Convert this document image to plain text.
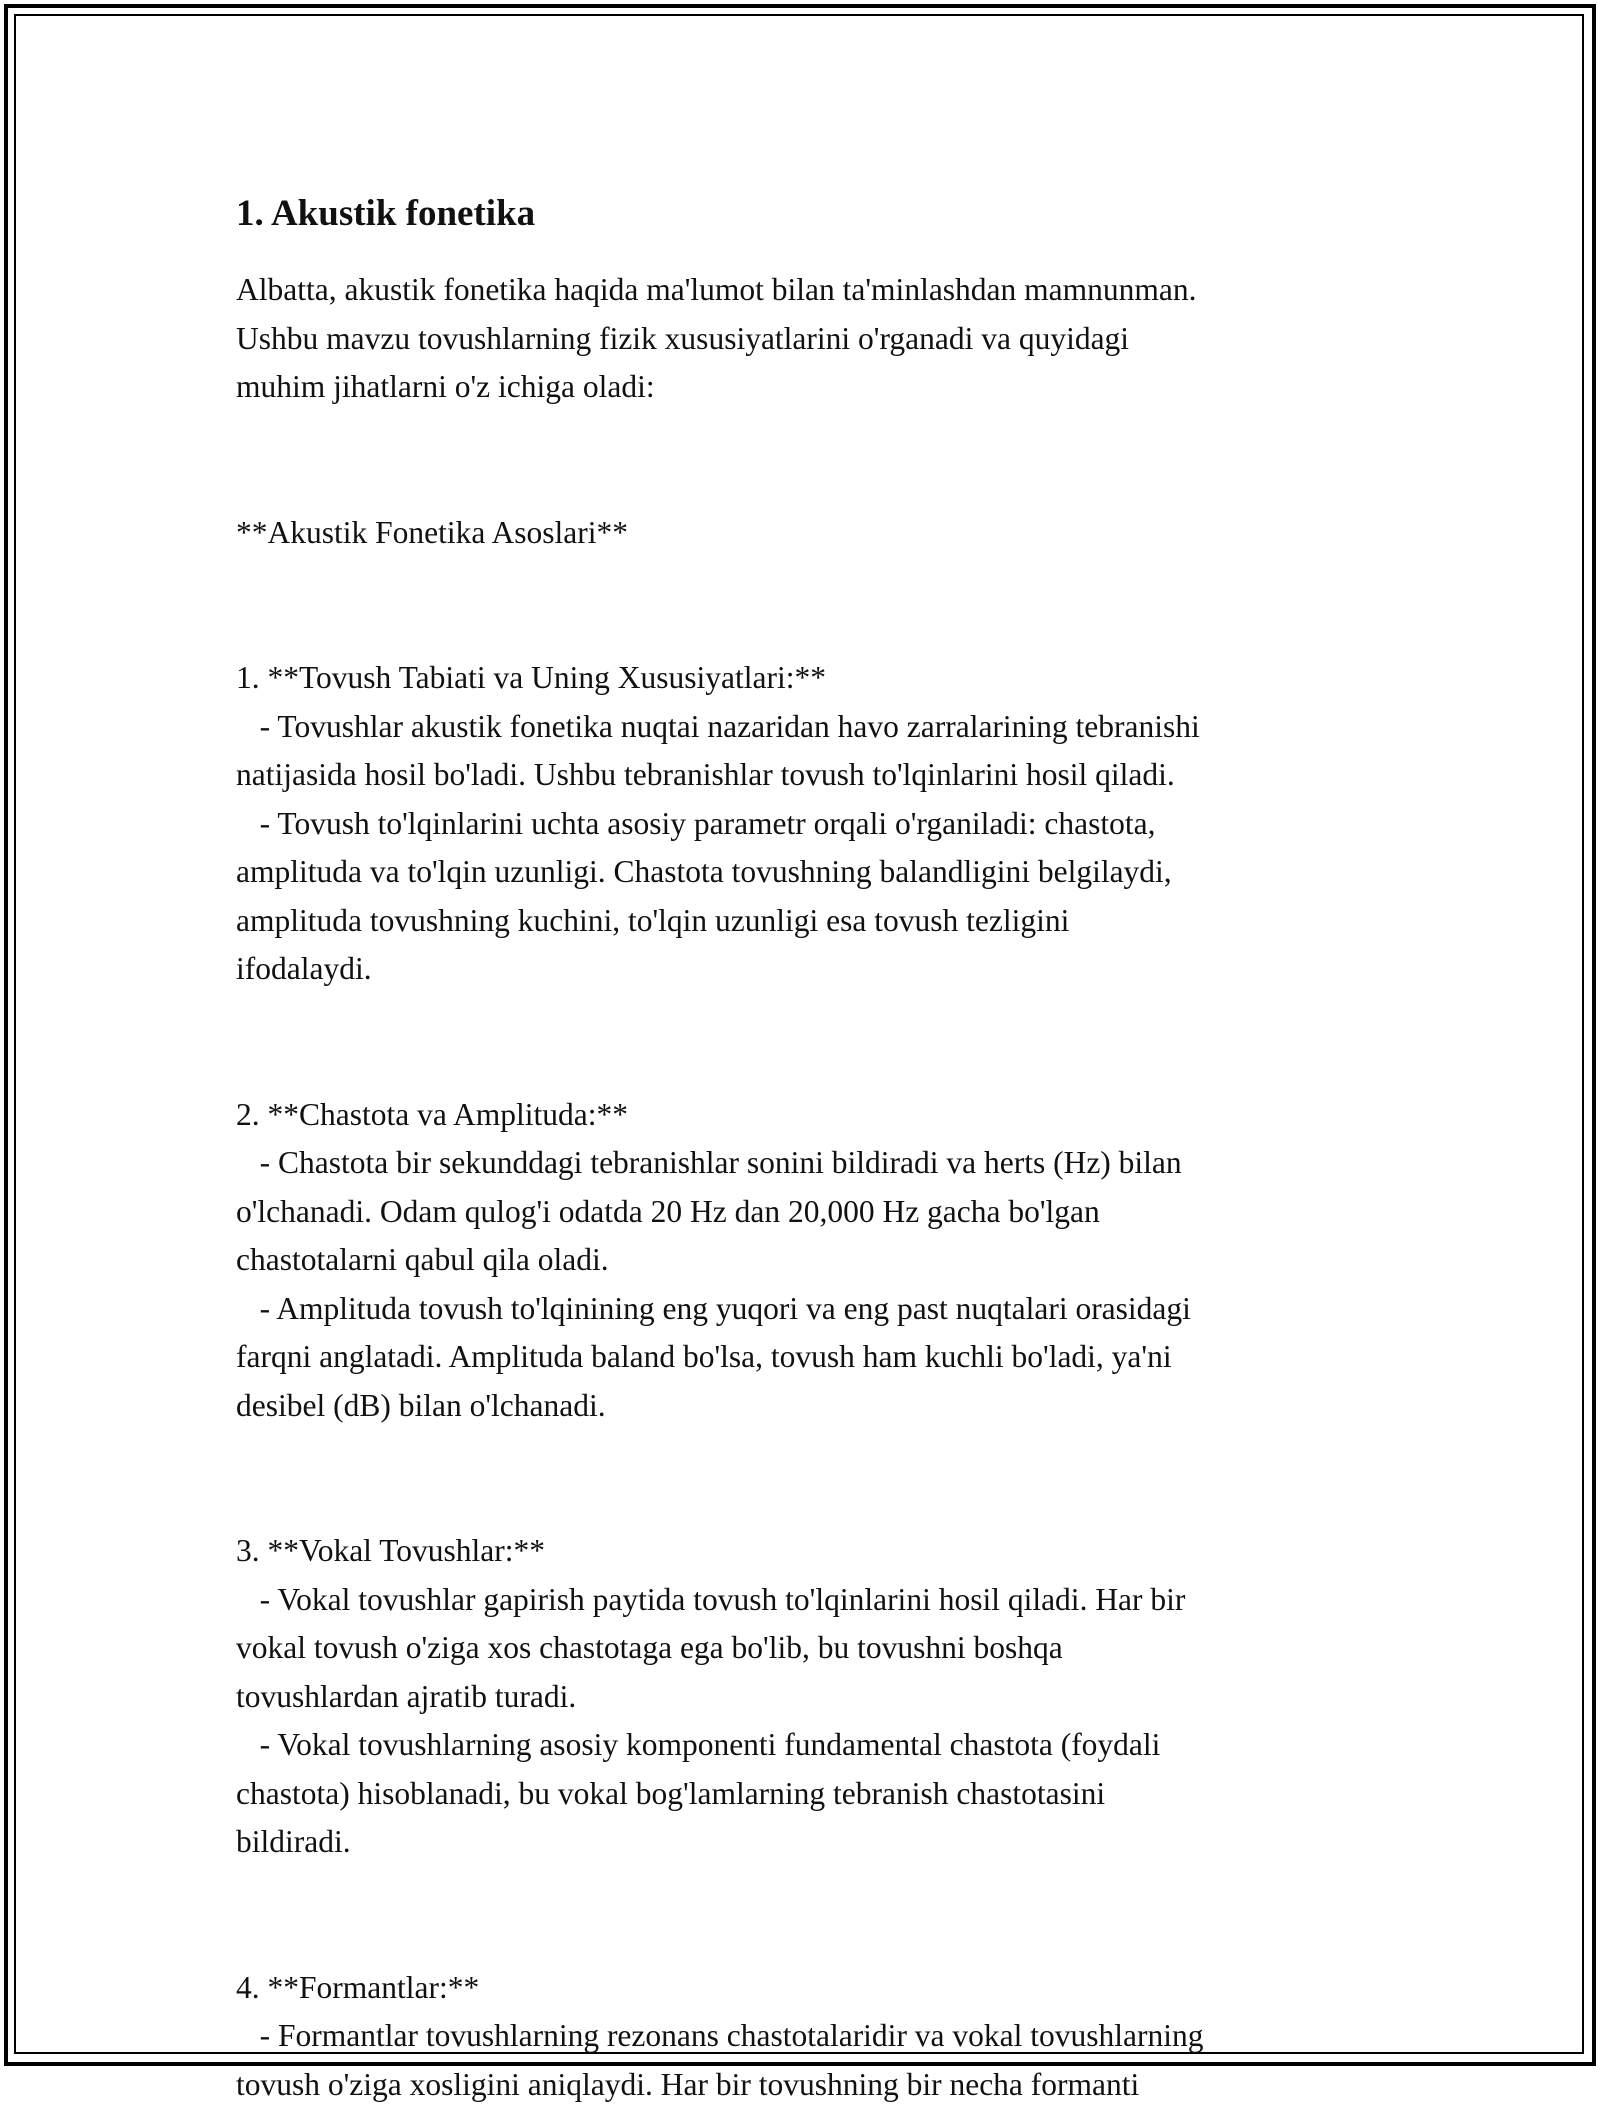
1. Akustik fonetika
Albatta, akustik fonetika haqida ma'lumot bilan ta'minlashdan mamnunman.
Ushbu mavzu tovushlarning fizik xususiyatlarini o'rganadi va quyidagi
muhim jihatlarni o'z ichiga oladi:

**Akustik Fonetika Asoslari**

1. **Tovush Tabiati va Uning Xususiyatlari:**
- Tovushlar akustik fonetika nuqtai nazaridan havo zarralarining tebranishi
natijasida hosil bo'ladi. Ushbu tebranishlar tovush to'lqinlarini hosil qiladi.
- Tovush to'lqinlarini uchta asosiy parametr orqali o'rganiladi: chastota,
amplituda va to'lqin uzunligi. Chastota tovushning balandligini belgilaydi,
amplituda tovushning kuchini, to'lqin uzunligi esa tovush tezligini
ifodalaydi.

2. **Chastota va Amplituda:**
- Chastota bir sekunddagi tebranishlar sonini bildiradi va herts (Hz) bilan
o'lchanadi. Odam qulog'i odatda 20 Hz dan 20,000 Hz gacha bo'lgan
chastotalarni qabul qila oladi.
- Amplituda tovush to'lqinining eng yuqori va eng past nuqtalari orasidagi
farqni anglatadi. Amplituda baland bo'lsa, tovush ham kuchli bo'ladi, ya'ni
desibel (dB) bilan o'lchanadi.

3. **Vokal Tovushlar:**
- Vokal tovushlar gapirish paytida tovush to'lqinlarini hosil qiladi. Har bir
vokal tovush o'ziga xos chastotaga ega bo'lib, bu tovushni boshqa
tovushlardan ajratib turadi.
- Vokal tovushlarning asosiy komponenti fundamental chastota (foydali
chastota) hisoblanadi, bu vokal bog'lamlarning tebranish chastotasini
bildiradi.

4. **Formantlar:**
- Formantlar tovushlarning rezonans chastotalaridir va vokal tovushlarning
tovush o'ziga xosligini aniqlaydi. Har bir tovushning bir necha formanti
